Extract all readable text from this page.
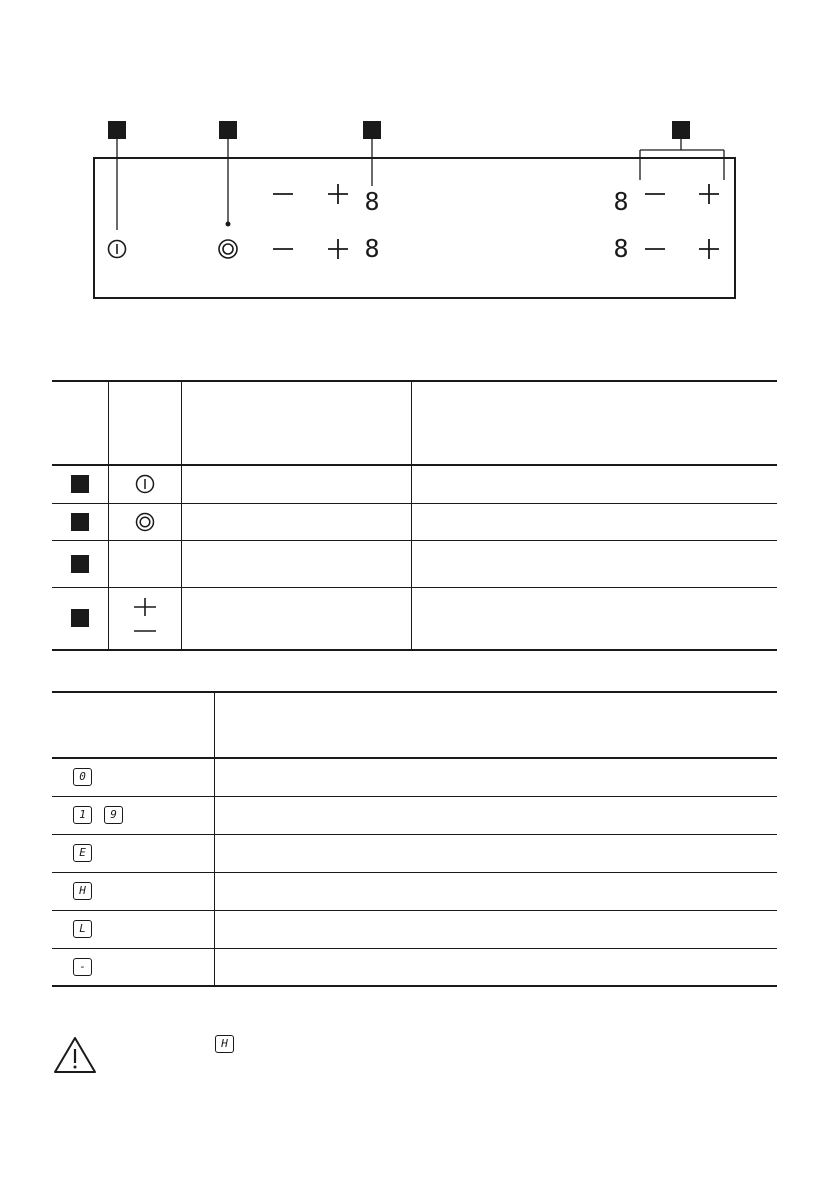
8
8
8
8

0	

1 9	

E	

H	

L	

-	

H
